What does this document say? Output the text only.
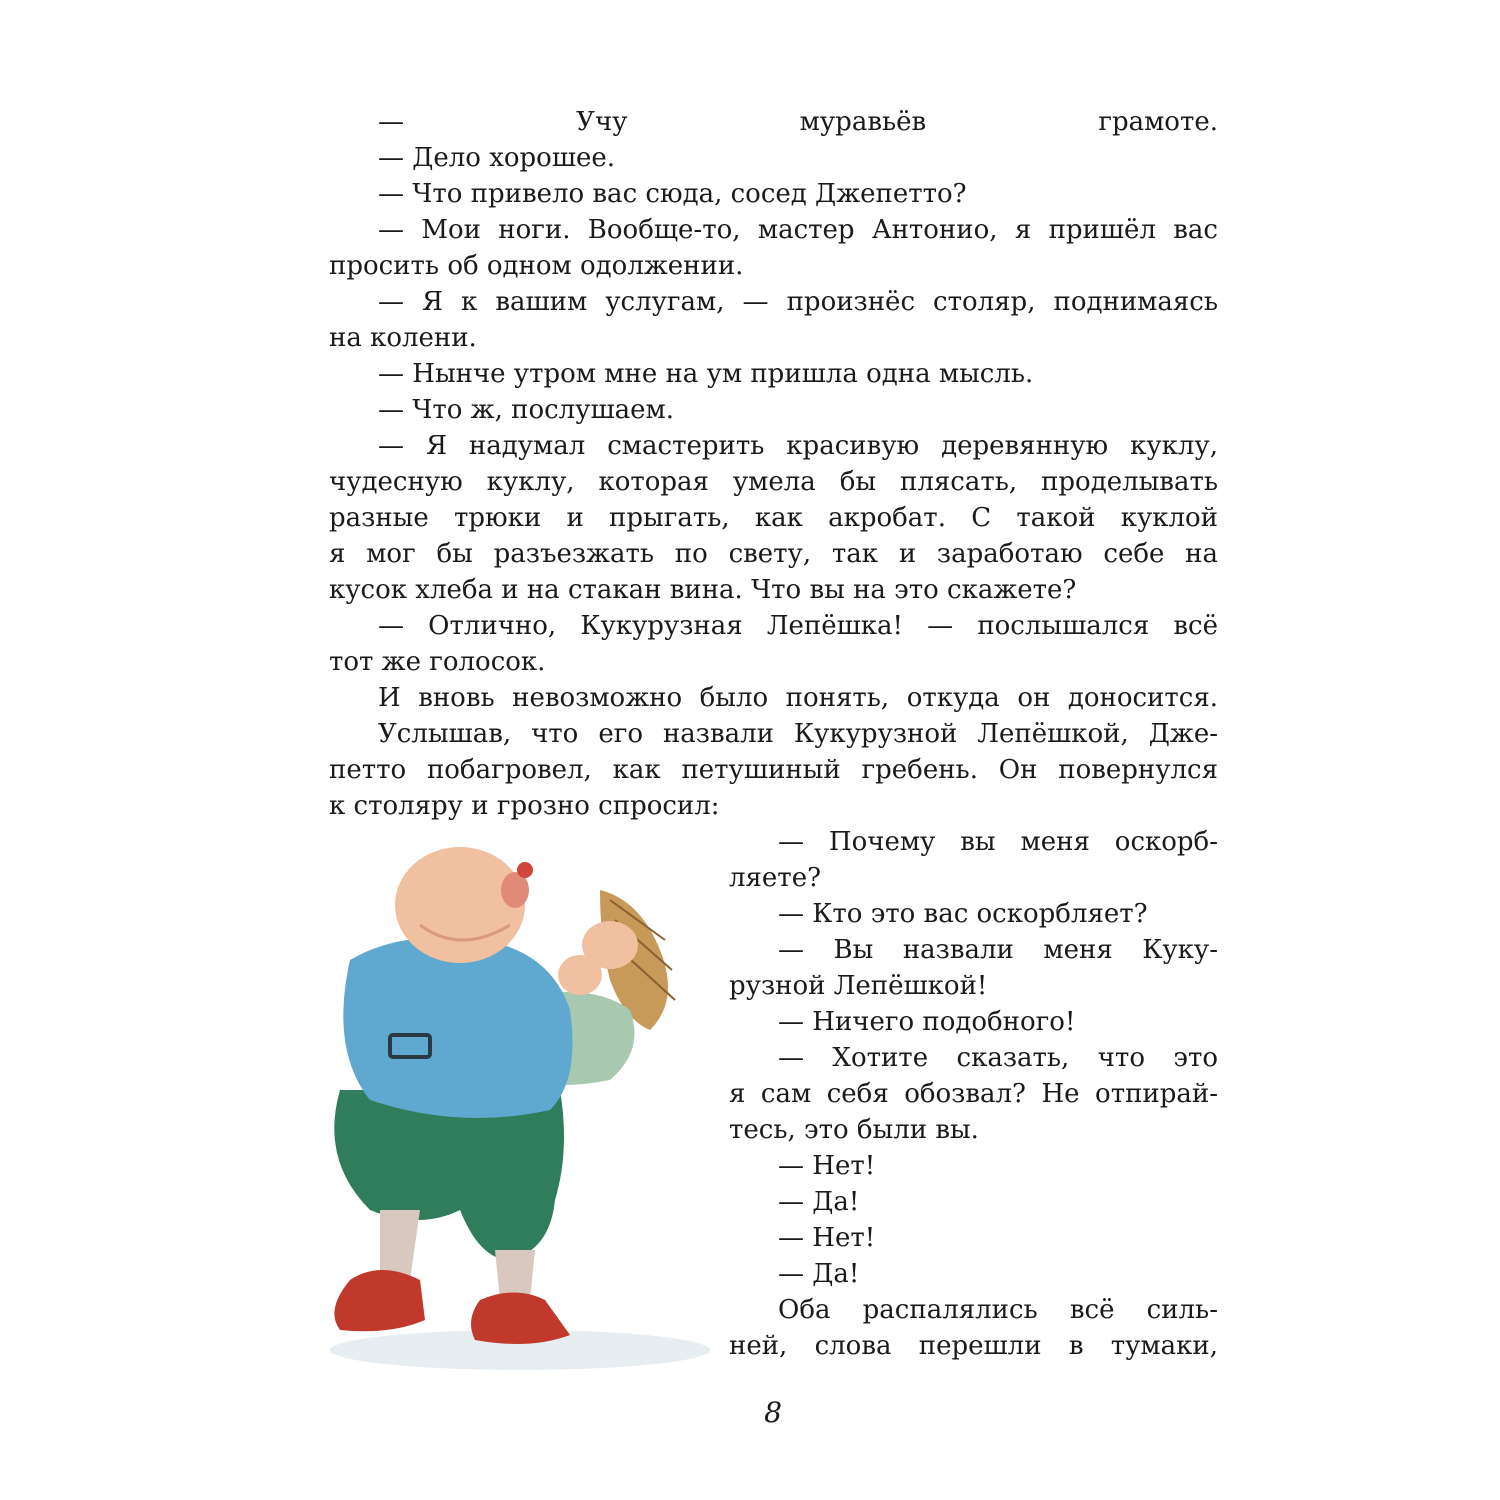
— Учу муравьёв грамоте.
— Дело хорошее.
— Что привело вас сюда, сосед Джепетто?
— Мои ноги. Вообще-то, мастер Антонио, я пришёл вас
просить об одном одолжении.
— Я к вашим услугам, — произнёс столяр, поднимаясь
на колени.
— Нынче утром мне на ум пришла одна мысль.
— Что ж, послушаем.
— Я надумал смастерить красивую деревянную куклу,
чудесную куклу, которая умела бы плясать, проделывать
разные трюки и прыгать, как акробат. С такой куклой
я мог бы разъезжать по свету, так и заработаю себе на
кусок хлеба и на стакан вина. Что вы на это скажете?
— Отлично, Кукурузная Лепёшка! — послышался всё
тот же голосок.
И вновь невозможно было понять, откуда он доносится.
Услышав, что его назвали Кукурузной Лепёшкой, Дже-
петто побагровел, как петушиный гребень. Он повернулся
к столяру и грозно спросил:
— Почему вы меня оскорб-
ляете?
— Кто это вас оскорбляет?
— Вы назвали меня Куку-
рузной Лепёшкой!
— Ничего подобного!
— Хотите сказать, что это
я сам себя обозвал? Не отпирай-
тесь, это были вы.
— Нет!
— Да!
— Нет!
— Да!
Оба распалялись всё силь-
ней, слова перешли в тумаки,
8
